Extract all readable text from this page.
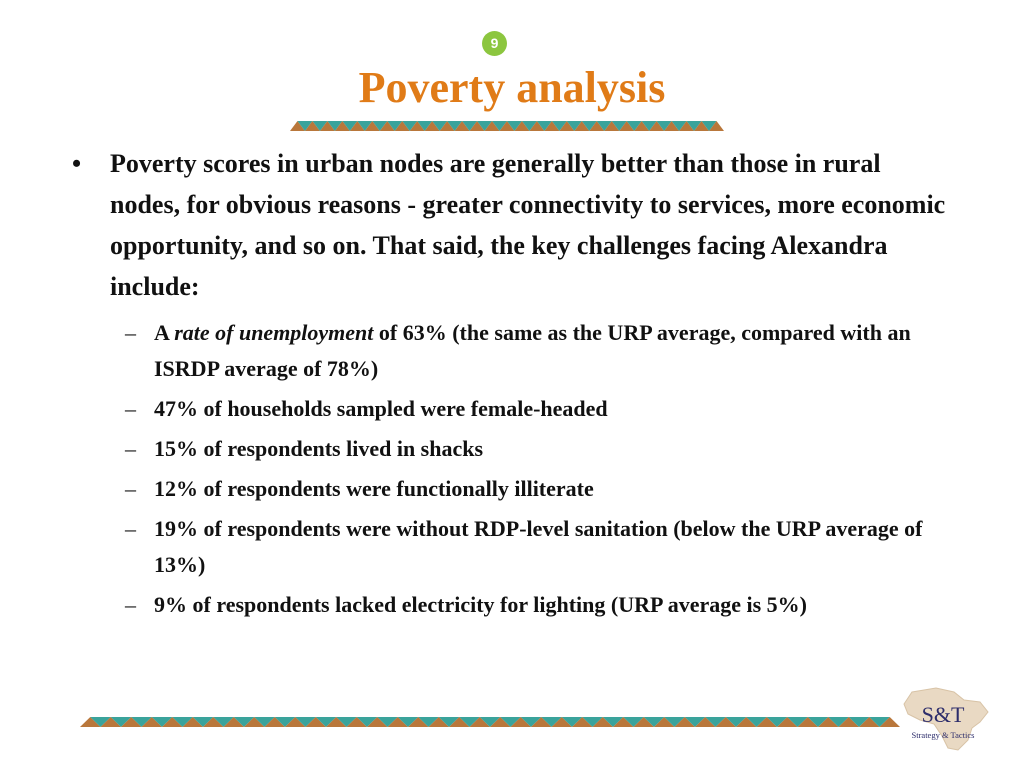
9
Poverty analysis

• Poverty scores in urban nodes are generally better than those in rural nodes, for obvious reasons - greater connectivity to services, more economic opportunity, and so on. That said, the key challenges facing Alexandra include:

– A rate of unemployment of 63% (the same as the URP average, compared with an ISRDP average of 78%)
– 47% of households sampled were female-headed
– 15% of respondents lived in shacks
– 12% of respondents were functionally illiterate
– 19% of respondents were without RDP-level sanitation (below the URP average of 13%)
– 9% of respondents lacked electricity for lighting (URP average is 5%)
S&T
Strategy & Tactics
